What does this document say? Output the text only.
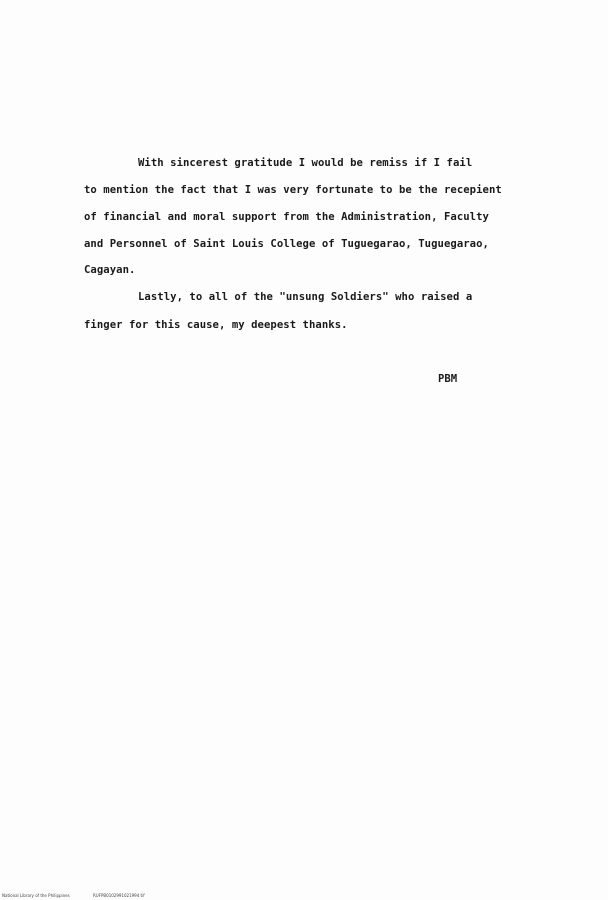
With sincerest gratitude I would be remiss if I fail
to mention the fact that I was very fortunate to be the recepient
of financial and moral support from the Administration, Faculty
and Personnel of Saint Louis College of Tuguegarao, Tuguegarao,
Cagayan.
Lastly, to all of the "unsung Soldiers" who raised a
finger for this cause, my deepest thanks.
PBM
National Library of the Philippines	RUFPB0102991021994 tif
